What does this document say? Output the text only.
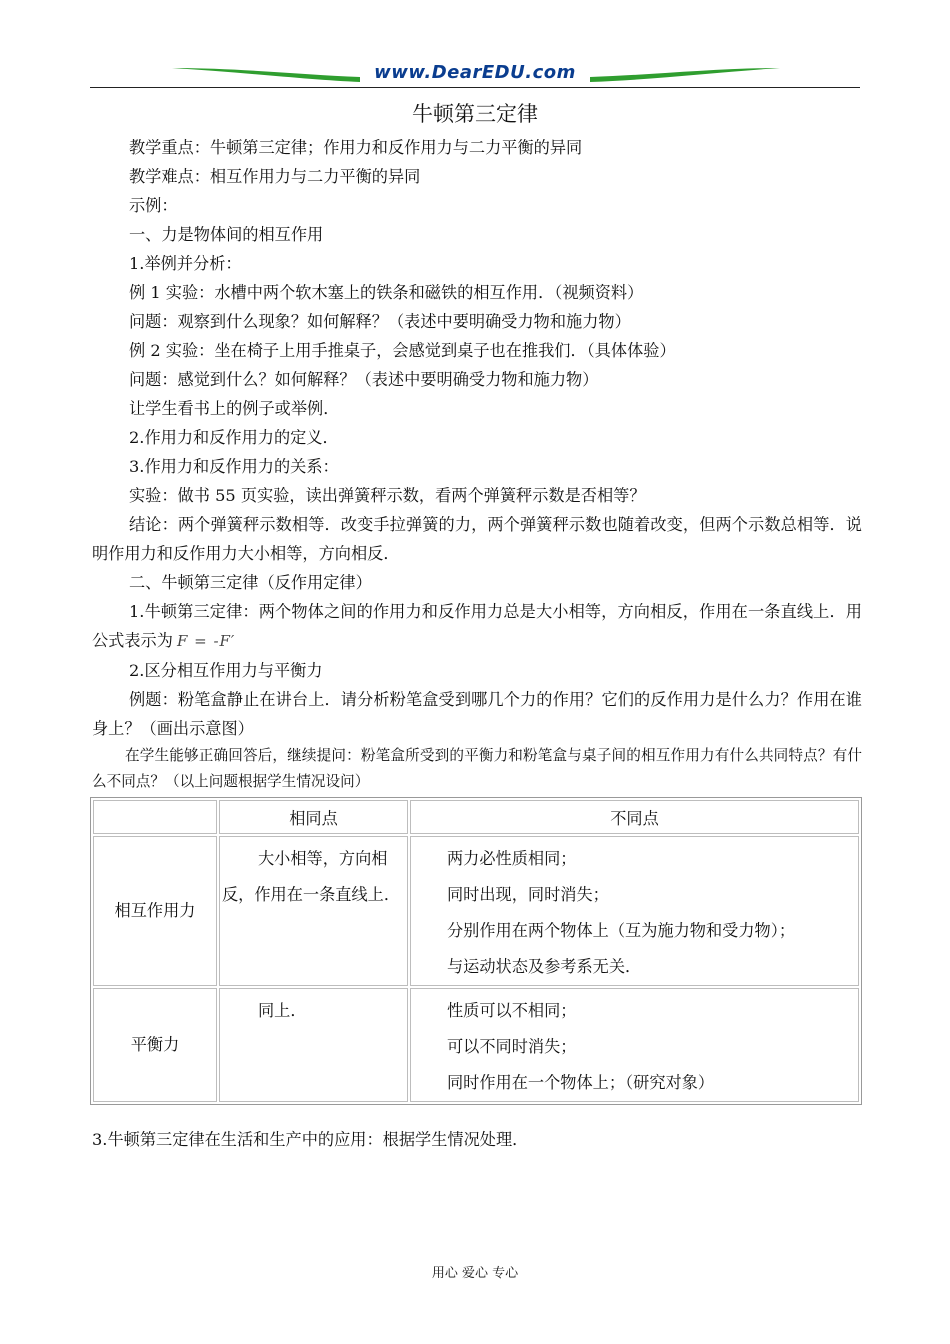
www.DearEDU.com
牛顿第三定律

教学重点：牛顿第三定律；作用力和反作用力与二力平衡的异同

教学难点：相互作用力与二力平衡的异同

示例：

一、力是物体间的相互作用

1.举例并分析：

例 1 实验：水槽中两个软木塞上的铁条和磁铁的相互作用．（视频资料）

问题：观察到什么现象？如何解释？（表述中要明确受力物和施力物）

例 2 实验：坐在椅子上用手推桌子，会感觉到桌子也在推我们．（具体体验）

问题：感觉到什么？如何解释？（表述中要明确受力物和施力物）

让学生看书上的例子或举例．

2.作用力和反作用力的定义．

3.作用力和反作用力的关系：

实验：做书 55 页实验，读出弹簧秤示数，看两个弹簧秤示数是否相等？

结论：两个弹簧秤示数相等．改变手拉弹簧的力，两个弹簧秤示数也随着改变，但两个示数总相等．说明作用力和反作用力大小相等，方向相反．

二、牛顿第三定律（反作用定律）

1.牛顿第三定律：两个物体之间的作用力和反作用力总是大小相等，方向相反，作用在一条直线上．用公式表示为 F = -F′

2.区分相互作用力与平衡力

例题：粉笔盒静止在讲台上．请分析粉笔盒受到哪几个力的作用？它们的反作用力是什么力？作用在谁身上？（画出示意图）

在学生能够正确回答后，继续提问：粉笔盒所受到的平衡力和粉笔盒与桌子间的相互作用力有什么共同特点？有什么不同点？（以上问题根据学生情况设问）

	相同点	不同点
相互作用力	大小相等，方向相反，作用在一条直线上．	两力必性质相同；
同时出现，同时消失；
分别作用在两个物体上（互为施力物和受力物）；
与运动状态及参考系无关．

平衡力	同上．	性质可以不相同；
可以不同时消失；
同时作用在一个物体上；（研究对象）
3.牛顿第三定律在生活和生产中的应用：根据学生情况处理．
用心 爱心 专心
